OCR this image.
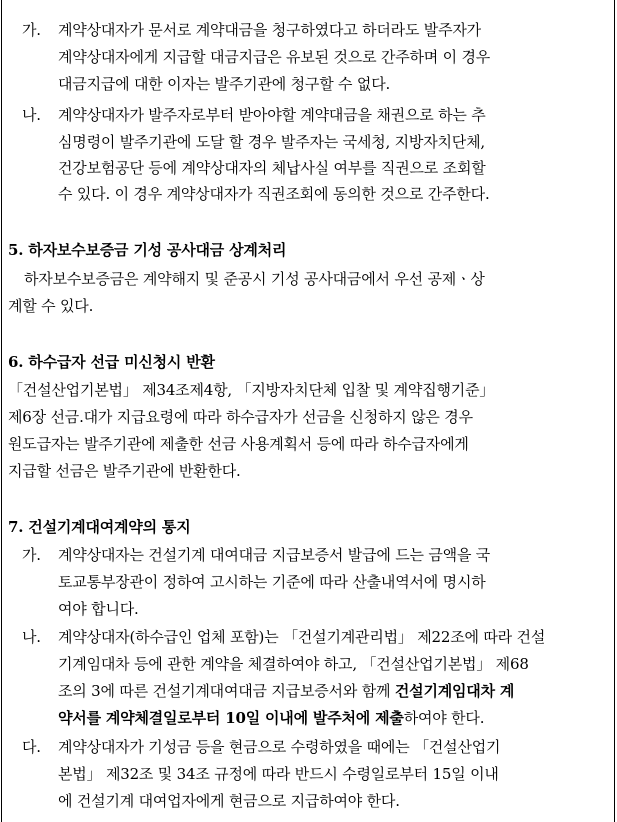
가. 계약상대자가 문서로 계약대금을 청구하였다고 하더라도 발주자가
계약상대자에게 지급할 대금지급은 유보된 것으로 간주하며 이 경우
대금지급에 대한 이자는 발주기관에 청구할 수 없다.
나. 계약상대자가 발주자로부터 받아야할 계약대금을 채권으로 하는 추
심명령이 발주기관에 도달 할 경우 발주자는 국세청, 지방자치단체,
건강보험공단 등에 계약상대자의 체납사실 여부를 직권으로 조회할
수 있다. 이 경우 계약상대자가 직권조회에 동의한 것으로 간주한다.
5. 하자보수보증금 기성 공사대금 상계처리
하자보수보증금은 계약해지 및 준공시 기성 공사대금에서 우선 공제ㆍ상
계할 수 있다.
6. 하수급자 선급 미신청시 반환
「건설산업기본법」 제34조제4항, 「지방자치단체 입찰 및 계약집행기준」
제6장 선금.대가 지급요령에 따라 하수급자가 선금을 신청하지 않은 경우
원도급자는 발주기관에 제출한 선금 사용계획서 등에 따라 하수급자에게
지급할 선금은 발주기관에 반환한다.
7. 건설기계대여계약의 통지
가. 계약상대자는 건설기계 대여대금 지급보증서 발급에 드는 금액을 국
토교통부장관이 정하여 고시하는 기준에 따라 산출내역서에 명시하
여야 합니다.
나. 계약상대자(하수급인 업체 포함)는 「건설기계관리법」 제22조에 따라 건설
기계임대차 등에 관한 계약을 체결하여야 하고, 「건설산업기본법」 제68
조의 3에 따른 건설기계대여대금 지급보증서와 함께 건설기계임대차 계
약서를 계약체결일로부터 10일 이내에 발주처에 제출하여야 한다.
다. 계약상대자가 기성금 등을 현금으로 수령하였을 때에는 「건설산업기
본법」 제32조 및 34조 규정에 따라 반드시 수령일로부터 15일 이내
에 건설기계 대여업자에게 현금으로 지급하여야 한다.
